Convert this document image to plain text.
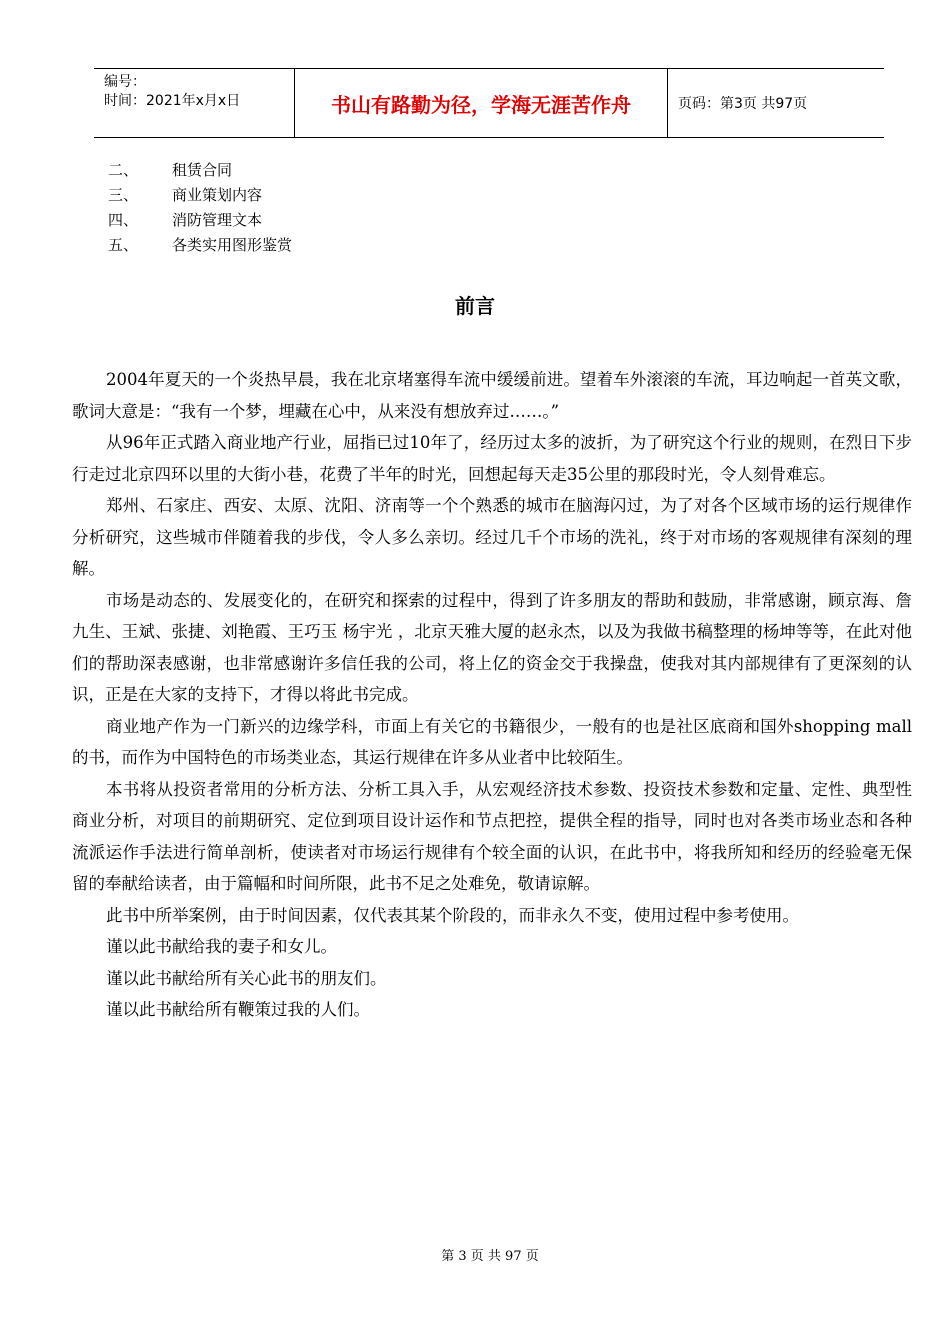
编号：
时间：2021年x月x日	书山有路勤为径，学海无涯苦作舟	页码：第3页 共97页
二、	租赁合同
三、	商业策划内容
四、	消防管理文本
五、	各类实用图形鉴赏
前言

2004年夏天的一个炎热早晨，我在北京堵塞得车流中缓缓前进。望着车外滚滚的车流，耳边响起一首英文歌，歌词大意是：“我有一个梦，埋藏在心中，从来没有想放弃过……。”

从96年正式踏入商业地产行业，屈指已过10年了，经历过太多的波折，为了研究这个行业的规则，在烈日下步行走过北京四环以里的大街小巷，花费了半年的时光，回想起每天走35公里的那段时光，令人刻骨难忘。

郑州、石家庄、西安、太原、沈阳、济南等一个个熟悉的城市在脑海闪过，为了对各个区域市场的运行规律作分析研究，这些城市伴随着我的步伐，令人多么亲切。经过几千个市场的洗礼，终于对市场的客观规律有深刻的理解。

市场是动态的、发展变化的，在研究和探索的过程中，得到了许多朋友的帮助和鼓励，非常感谢，顾京海、詹九生、王斌、张捷、刘艳霞、王巧玉 杨宇光 ，北京天雅大厦的赵永杰，以及为我做书稿整理的杨坤等等，在此对他们的帮助深表感谢，也非常感谢许多信任我的公司，将上亿的资金交于我操盘，使我对其内部规律有了更深刻的认识，正是在大家的支持下，才得以将此书完成。

商业地产作为一门新兴的边缘学科，市面上有关它的书籍很少，一般有的也是社区底商和国外shopping mall的书，而作为中国特色的市场类业态，其运行规律在许多从业者中比较陌生。

本书将从投资者常用的分析方法、分析工具入手，从宏观经济技术参数、投资技术参数和定量、定性、典型性商业分析，对项目的前期研究、定位到项目设计运作和节点把控，提供全程的指导，同时也对各类市场业态和各种流派运作手法进行简单剖析，使读者对市场运行规律有个较全面的认识，在此书中，将我所知和经历的经验毫无保留的奉献给读者，由于篇幅和时间所限，此书不足之处难免，敬请谅解。

此书中所举案例，由于时间因素，仅代表其某个阶段的，而非永久不变，使用过程中参考使用。

谨以此书献给我的妻子和女儿。

谨以此书献给所有关心此书的朋友们。

谨以此书献给所有鞭策过我的人们。

第 3 页 共 97 页
